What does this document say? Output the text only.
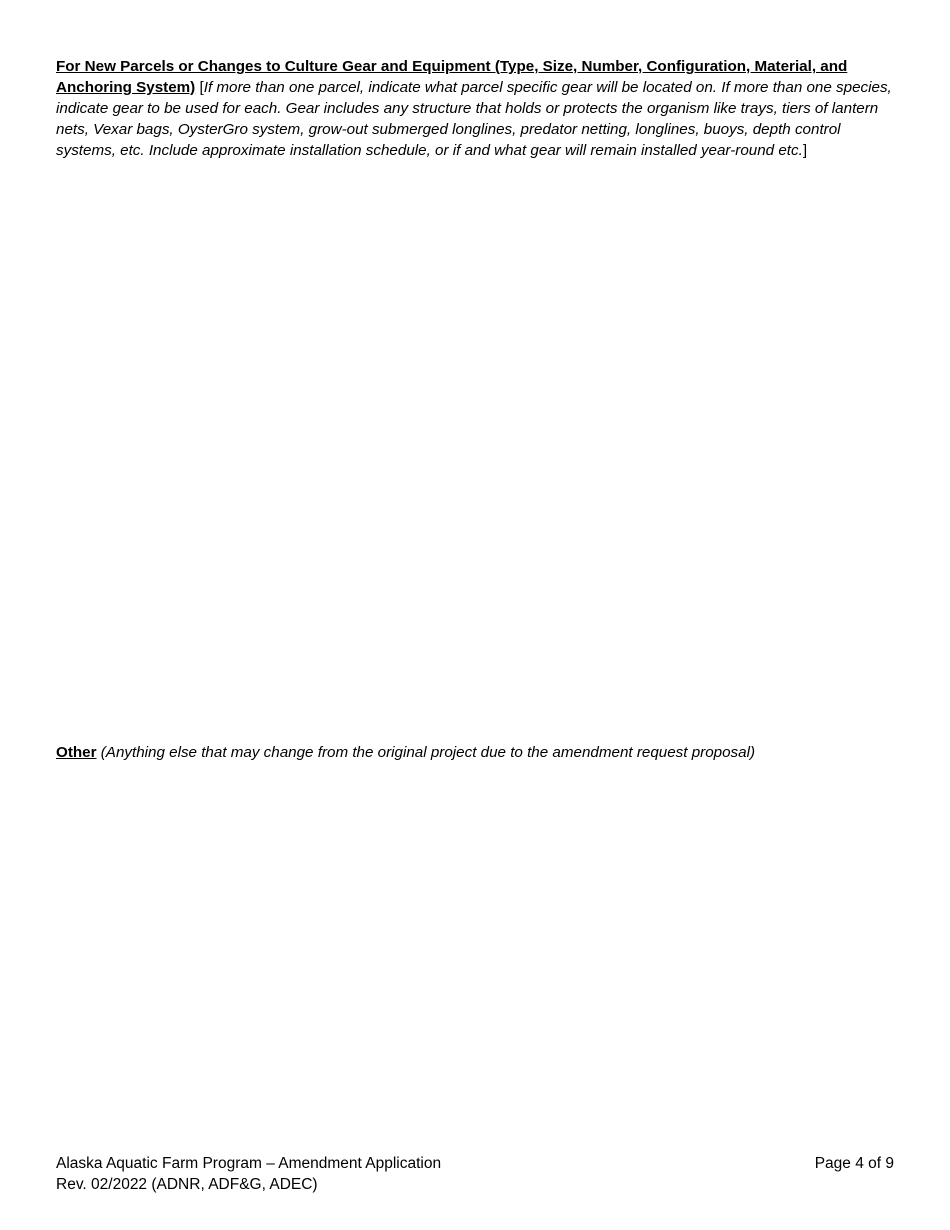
For New Parcels or Changes to Culture Gear and Equipment (Type, Size, Number, Configuration, Material, and Anchoring System) [If more than one parcel, indicate what parcel specific gear will be located on. If more than one species, indicate gear to be used for each. Gear includes any structure that holds or protects the organism like trays, tiers of lantern nets, Vexar bags, OysterGro system, grow-out submerged longlines, predator netting, longlines, buoys, depth control systems, etc. Include approximate installation schedule, or if and what gear will remain installed year-round etc.]
Other (Anything else that may change from the original project due to the amendment request proposal)
Alaska Aquatic Farm Program – Amendment Application
Rev. 02/2022 (ADNR, ADF&G, ADEC)
Page 4 of 9
